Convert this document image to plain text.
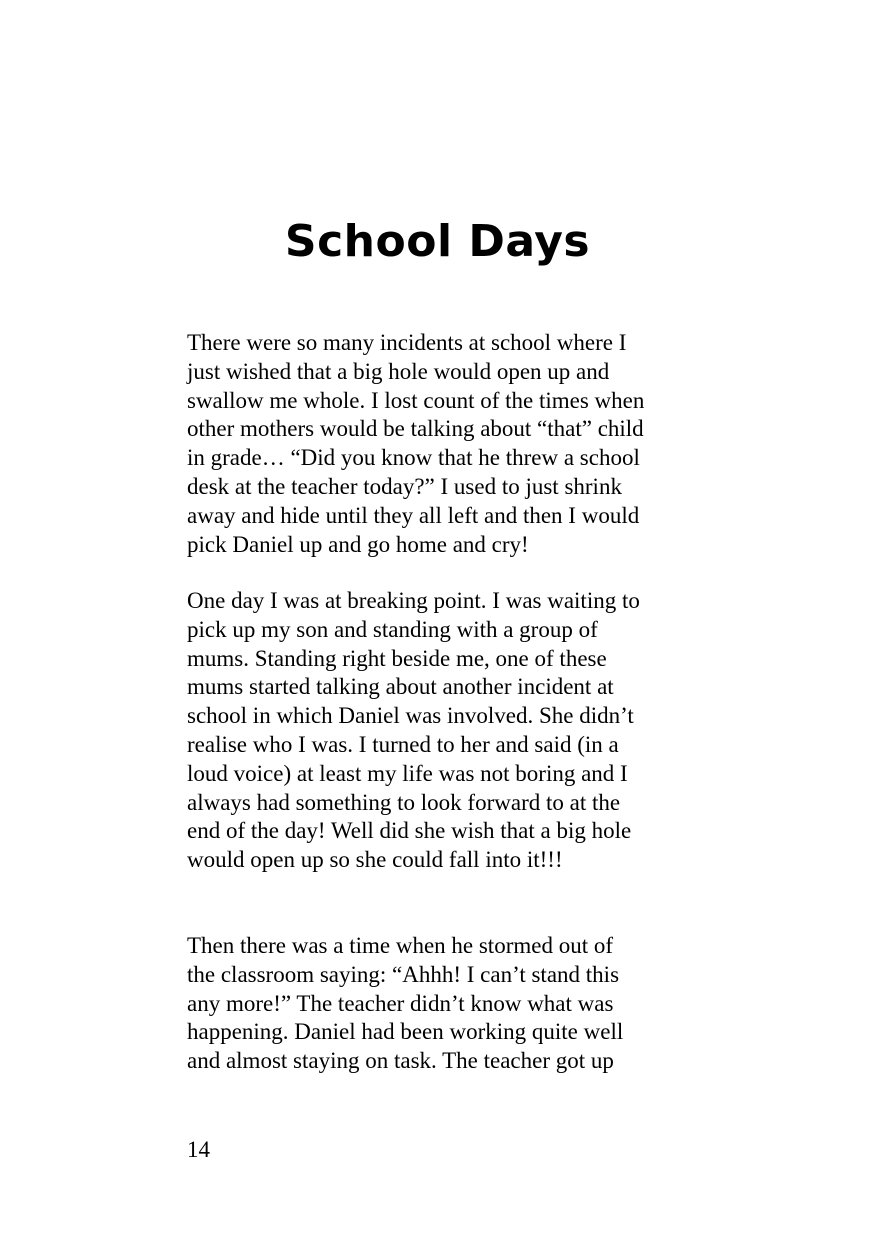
School Days

There were so many incidents at school where I
just wished that a big hole would open up and
swallow me whole. I lost count of the times when
other mothers would be talking about “that” child
in grade… “Did you know that he threw a school
desk at the teacher today?” I used to just shrink
away and hide until they all left and then I would
pick Daniel up and go home and cry!

One day I was at breaking point. I was waiting to
pick up my son and standing with a group of
mums. Standing right beside me, one of these
mums started talking about another incident at
school in which Daniel was involved. She didn’t
realise who I was. I turned to her and said (in a
loud voice) at least my life was not boring and I
always had something to look forward to at the
end of the day! Well did she wish that a big hole
would open up so she could fall into it!!!

Then there was a time when he stormed out of
the classroom saying: “Ahhh! I can’t stand this
any more!” The teacher didn’t know what was
happening. Daniel had been working quite well
and almost staying on task. The teacher got up

14
